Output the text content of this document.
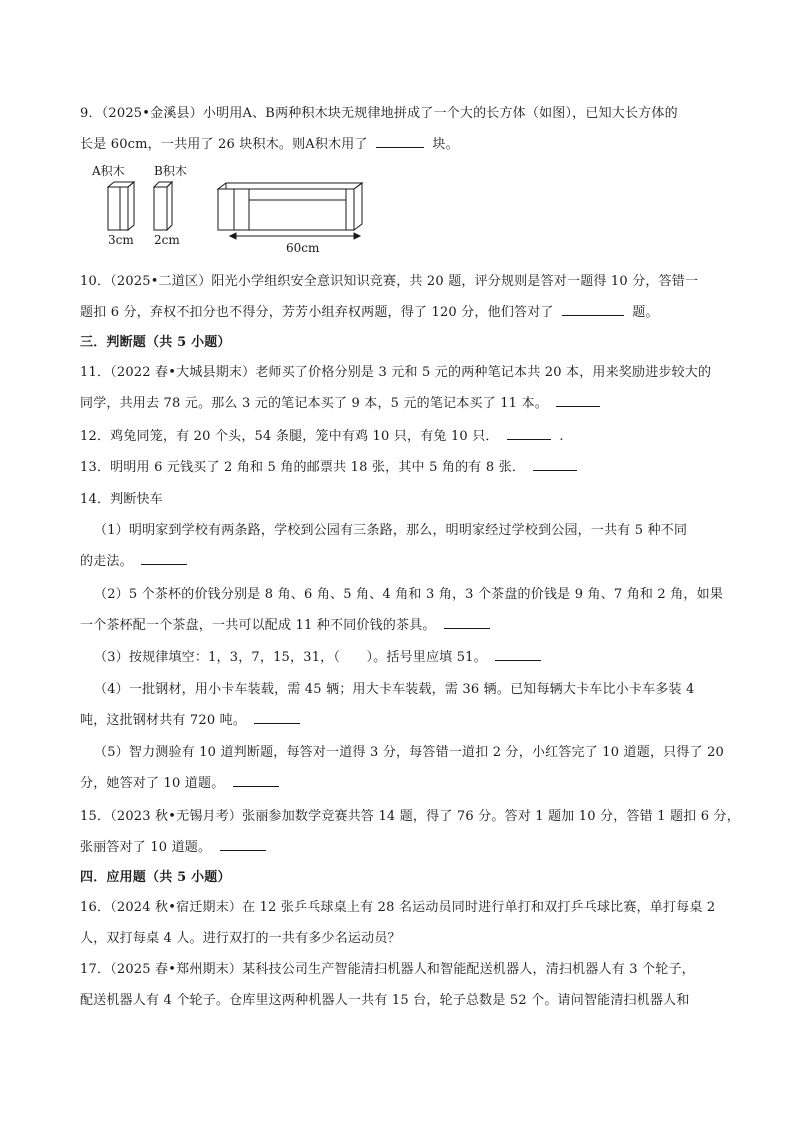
9．（2025•金溪县）小明用A、B两种积木块无规律地拼成了一个大的长方体（如图），已知大长方体的
长是 60cm，一共用了 26 块积木。则A积木用了	块。
A积木 B积木
3cm 2cm
60cm
10．（2025•二道区）阳光小学组织安全意识知识竞赛，共 20 题，评分规则是答对一题得 10 分，答错一
题扣 6 分，弃权不扣分也不得分，芳芳小组弃权两题，得了 120 分，他们答对了	题。
三．判断题（共 5 小题）
11．（2022 春•大城县期末）老师买了价格分别是 3 元和 5 元的两种笔记本共 20 本，用来奖励进步较大的
同学，共用去 78 元。那么 3 元的笔记本买了 9 本，5 元的笔记本买了 11 本。
12．鸡兔同笼，有 20 个头，54 条腿，笼中有鸡 10 只，有兔 10 只．	.
13．明明用 6 元钱买了 2 角和 5 角的邮票共 18 张，其中 5 角的有 8 张．
14．判断快车
（1）明明家到学校有两条路，学校到公园有三条路，那么，明明家经过学校到公园，一共有 5 种不同
的走法。
（2）5 个茶杯的价钱分别是 8 角、6 角、5 角、4 角和 3 角，3 个茶盘的价钱是 9 角、7 角和 2 角，如果
一个茶杯配一个茶盘，一共可以配成 11 种不同价钱的茶具。
（3）按规律填空：1，3，7，15，31，（　　）。括号里应填 51。
（4）一批钢材，用小卡车装载，需 45 辆；用大卡车装载，需 36 辆。已知每辆大卡车比小卡车多装 4
吨，这批钢材共有 720 吨。
（5）智力测验有 10 道判断题，每答对一道得 3 分，每答错一道扣 2 分，小红答完了 10 道题，只得了 20
分，她答对了 10 道题。
15．（2023 秋•无锡月考）张丽参加数学竞赛共答 14 题，得了 76 分。答对 1 题加 10 分，答错 1 题扣 6 分，
张丽答对了 10 道题。
四．应用题（共 5 小题）
16．（2024 秋•宿迁期末）在 12 张乒乓球桌上有 28 名运动员同时进行单打和双打乒乓球比赛，单打每桌 2
人，双打每桌 4 人。进行双打的一共有多少名运动员？
17．（2025 春•郑州期末）某科技公司生产智能清扫机器人和智能配送机器人，清扫机器人有 3 个轮子，
配送机器人有 4 个轮子。仓库里这两种机器人一共有 15 台，轮子总数是 52 个。请问智能清扫机器人和
